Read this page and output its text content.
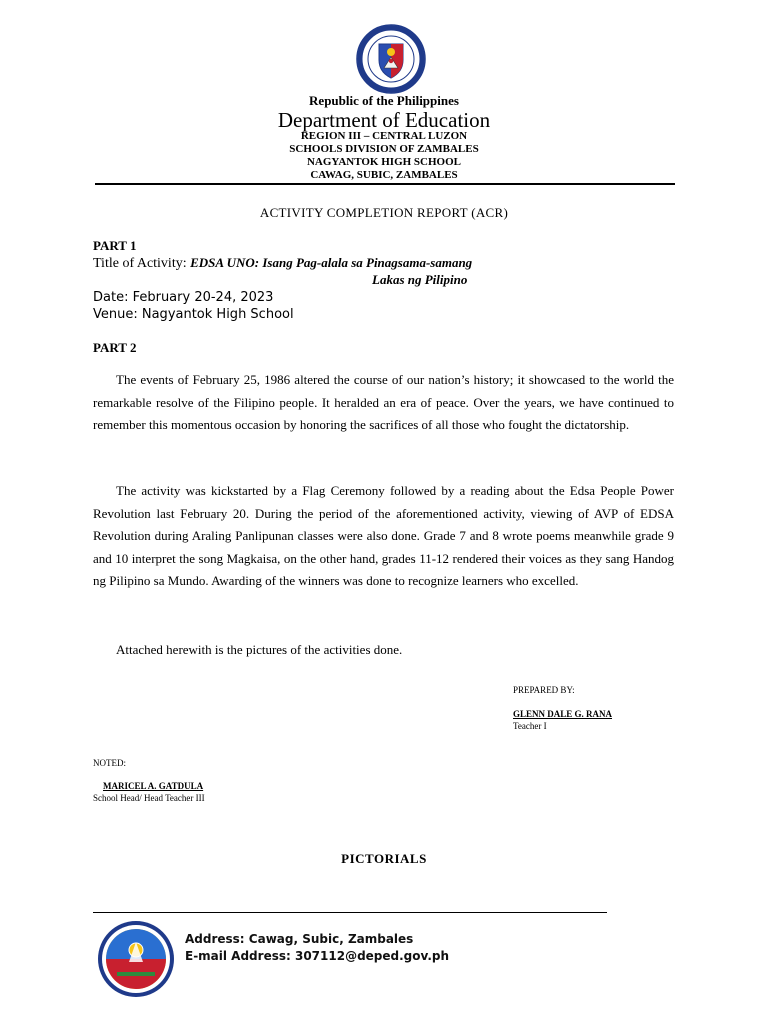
Republic of the Philippines
Department of Education
REGION III – CENTRAL LUZON
SCHOOLS DIVISION OF ZAMBALES
NAGYANTOK HIGH SCHOOL
CAWAG, SUBIC, ZAMBALES
ACTIVITY COMPLETION REPORT (ACR)
PART 1
Title of Activity: EDSA UNO: Isang Pag-alala sa Pinagsama-samang
Lakas ng Pilipino
Date: February 20-24, 2023
Venue: Nagyantok High School
PART 2
The events of February 25, 1986 altered the course of our nation’s history; it showcased to the world the remarkable resolve of the Filipino people. It heralded an era of peace. Over the years, we have continued to remember this momentous occasion by honoring the sacrifices of all those who fought the dictatorship.
The activity was kickstarted by a Flag Ceremony followed by a reading about the Edsa People Power Revolution last February 20. During the period of the aforementioned activity, viewing of AVP of EDSA Revolution during Araling Panlipunan classes were also done. Grade 7 and 8 wrote poems meanwhile grade 9 and 10 interpret the song Magkaisa, on the other hand, grades 11-12 rendered their voices as they sang Handog ng Pilipino sa Mundo. Awarding of the winners was done to recognize learners who excelled.
Attached herewith is the pictures of the activities done.
PREPARED BY:
GLENN DALE G. RANA
Teacher I
NOTED:
MARICEL A. GATDULA
School Head/ Head Teacher III
PICTORIALS
Address: Cawag, Subic, Zambales
E-mail Address: 307112@deped.gov.ph
